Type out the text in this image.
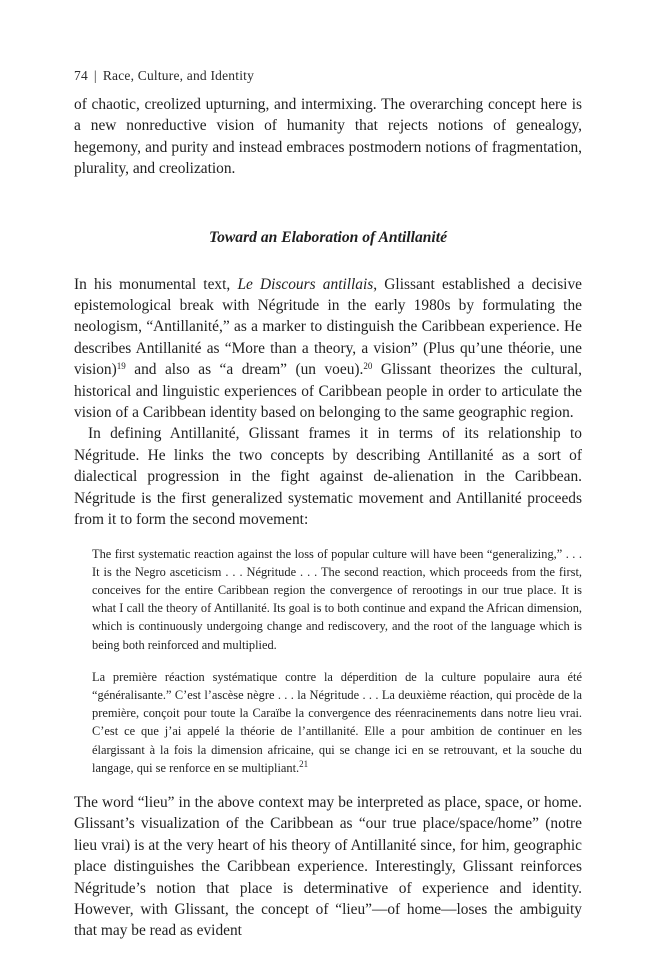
74 | Race, Culture, and Identity

of chaotic, creolized upturning, and intermixing. The overarching concept here is a new nonreductive vision of humanity that rejects notions of genealogy, hegemony, and purity and instead embraces postmodern notions of fragmentation, plurality, and creolization.

Toward an Elaboration of Antillanité

In his monumental text, Le Discours antillais, Glissant established a decisive epistemological break with Négritude in the early 1980s by formulating the neologism, “Antillanité,” as a marker to distinguish the Caribbean experience. He describes Antillanité as “More than a theory, a vision” (Plus qu’une théorie, une vision)$^{19}$ and also as “a dream” (un voeu).$^{20}$ Glissant theorizes the cultural, historical and linguistic experiences of Caribbean people in order to articulate the vision of a Caribbean identity based on belonging to the same geographic region.

In defining Antillanité, Glissant frames it in terms of its relationship to Négritude. He links the two concepts by describing Antillanité as a sort of dialectical progression in the fight against de-alienation in the Caribbean. Négritude is the first generalized systematic movement and Antillanité proceeds from it to form the second movement:

The first systematic reaction against the loss of popular culture will have been “generalizing,” . . . It is the Negro asceticism . . . Négritude . . . The second reaction, which proceeds from the first, conceives for the entire Caribbean region the convergence of rerootings in our true place. It is what I call the theory of Antillanité. Its goal is to both continue and expand the African dimension, which is continuously undergoing change and rediscovery, and the root of the language which is being both reinforced and multiplied.

La première réaction systématique contre la déperdition de la culture populaire aura été “généralisante.” C’est l’ascèse nègre . . . la Négritude . . . La deuxième réaction, qui procède de la première, conçoit pour toute la Caraïbe la convergence des réenracinements dans notre lieu vrai. C’est ce que j’ai appelé la théorie de l’antillanité. Elle a pour ambition de continuer en les élargissant à la fois la dimension africaine, qui se change ici en se retrouvant, et la souche du langage, qui se renforce en se multipliant.$^{21}$

The word “lieu” in the above context may be interpreted as place, space, or home. Glissant’s visualization of the Caribbean as “our true place/space/home” (notre lieu vrai) is at the very heart of his theory of Antillanité since, for him, geographic place distinguishes the Caribbean experience. Interestingly, Glissant reinforces Négritude’s notion that place is determinative of experience and identity. However, with Glissant, the concept of “lieu”—of home—loses the ambiguity that may be read as evident
